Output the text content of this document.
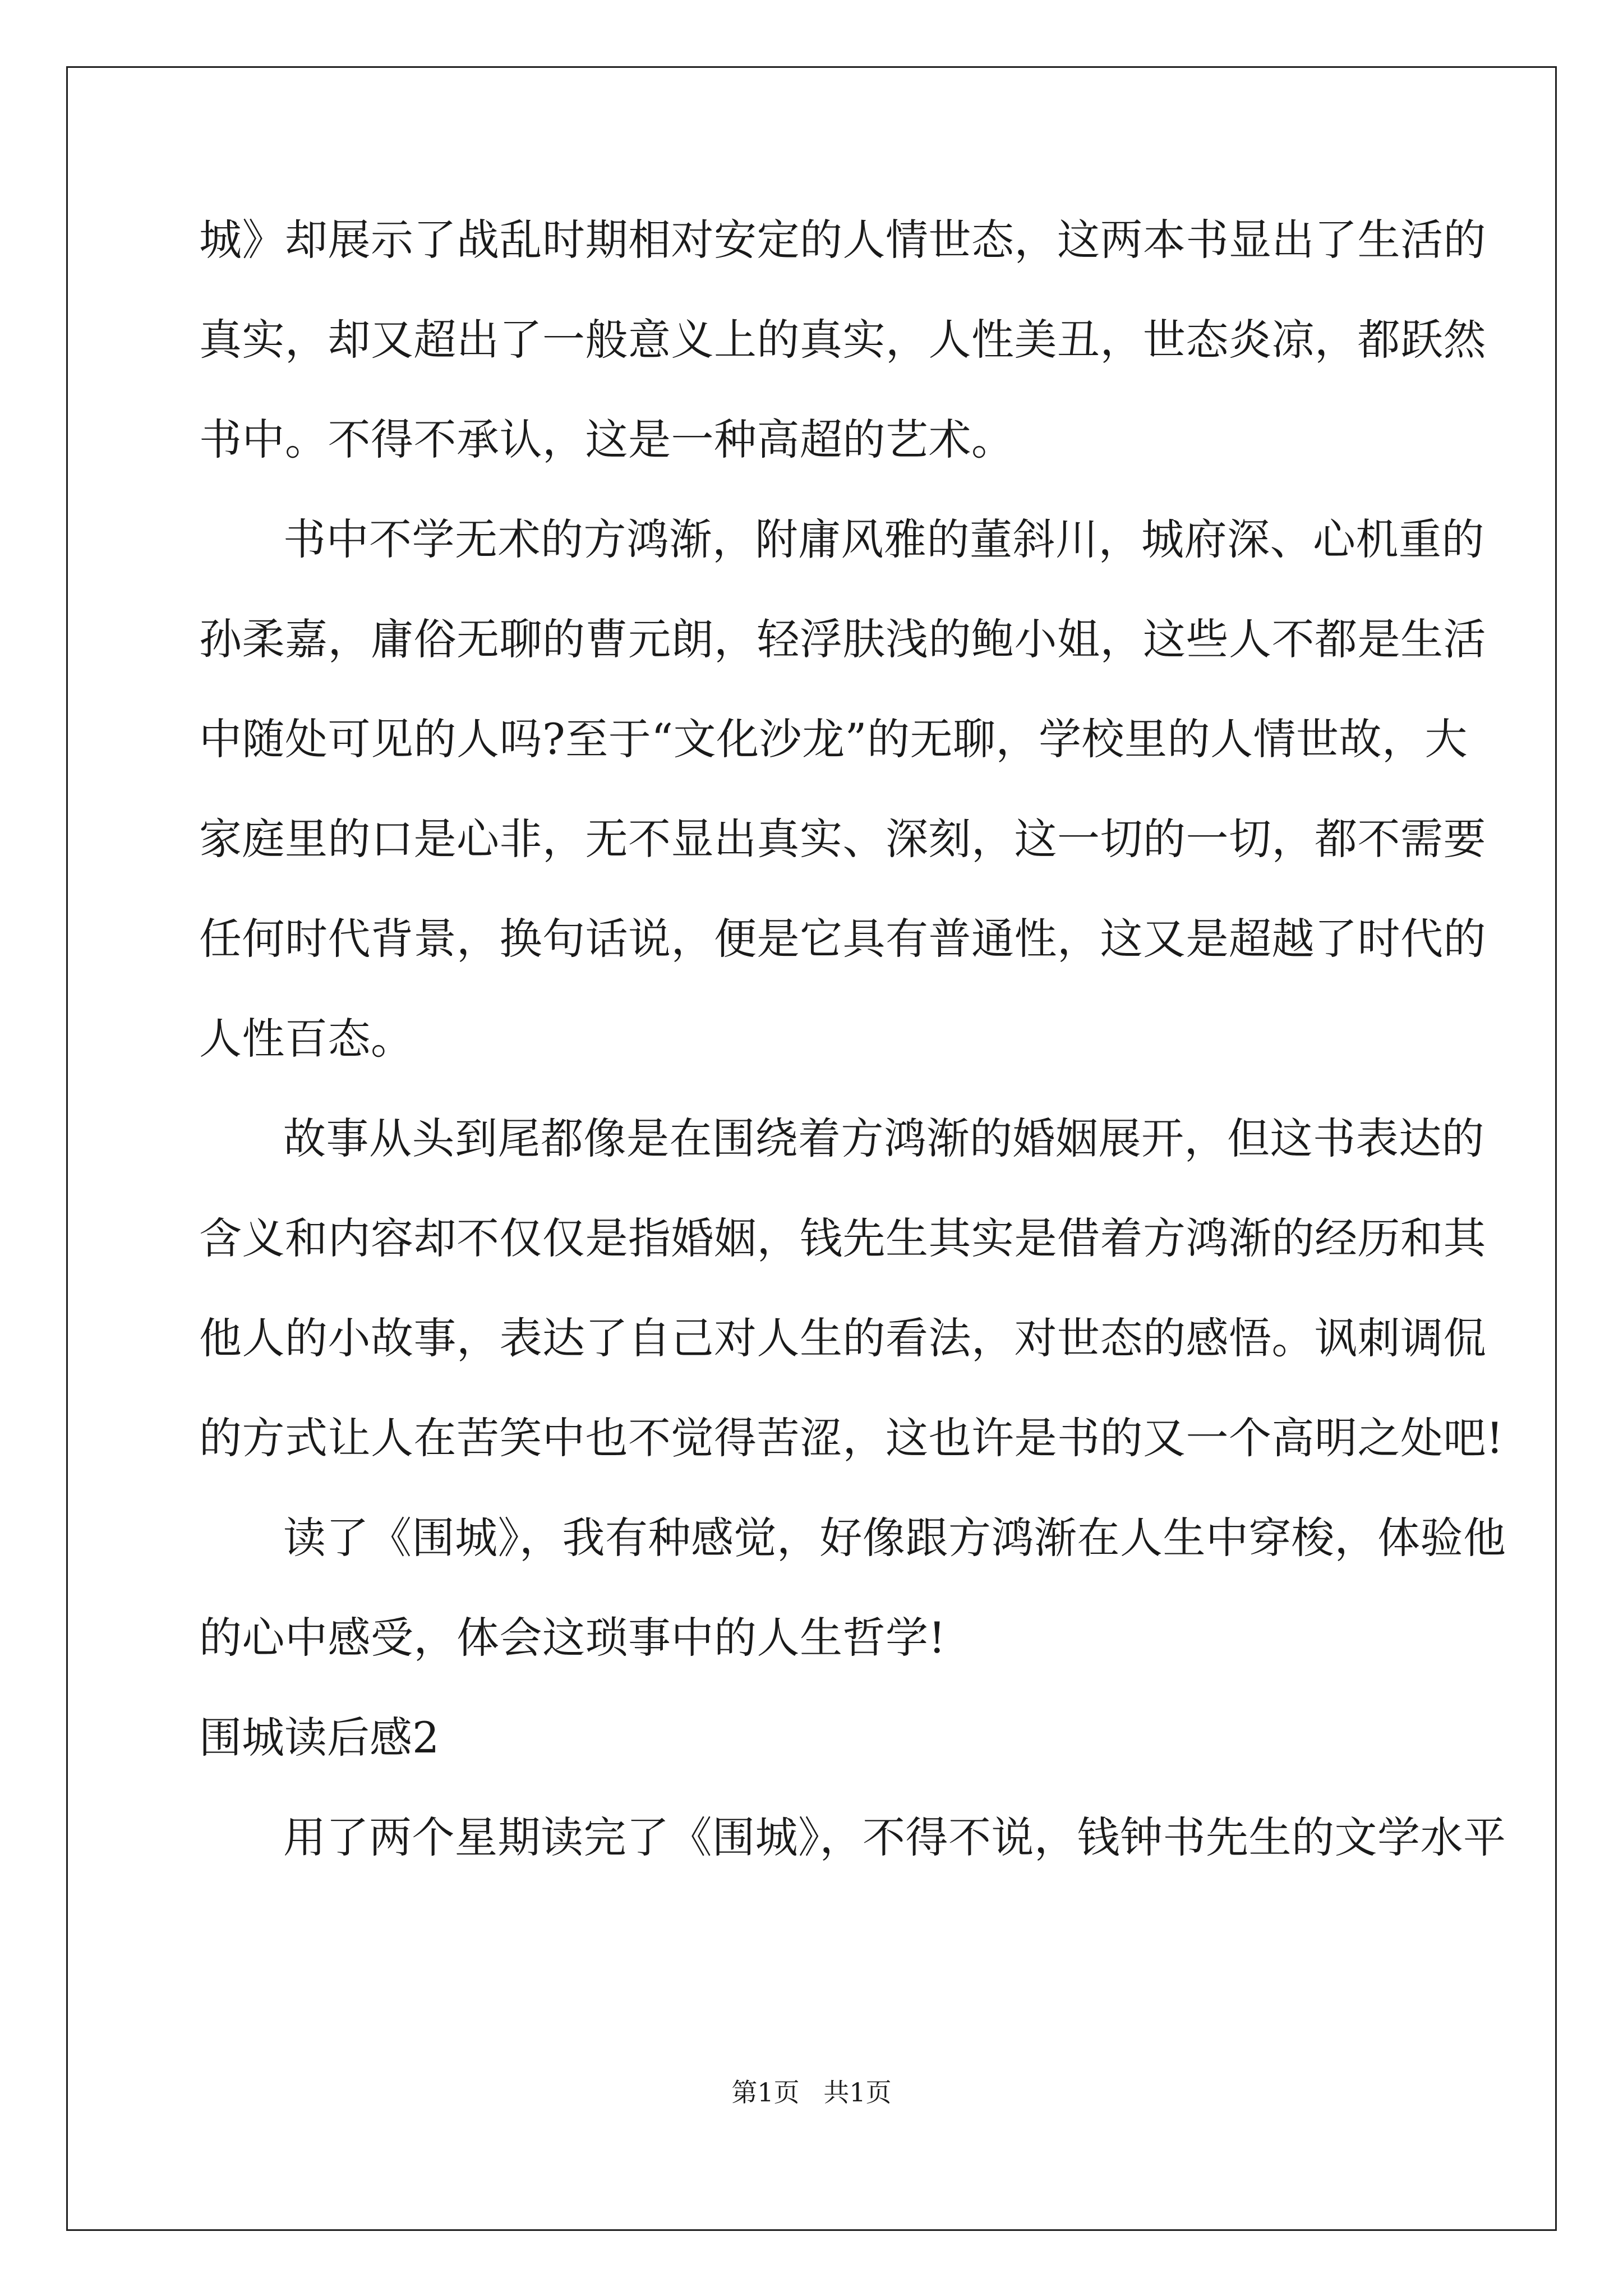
城》却展示了战乱时期相对安定的人情世态，这两本书显出了生活的
真实，却又超出了一般意义上的真实，人性美丑，世态炎凉，都跃然
书中。不得不承认，这是一种高超的艺术。
书中不学无术的方鸿渐，附庸风雅的董斜川，城府深、心机重的
孙柔嘉，庸俗无聊的曹元朗，轻浮肤浅的鲍小姐，这些人不都是生活
中随处可见的人吗?至于“文化沙龙”的无聊，学校里的人情世故，大
家庭里的口是心非，无不显出真实、深刻，这一切的一切，都不需要
任何时代背景，换句话说，便是它具有普通性，这又是超越了时代的
人性百态。
故事从头到尾都像是在围绕着方鸿渐的婚姻展开，但这书表达的
含义和内容却不仅仅是指婚姻，钱先生其实是借着方鸿渐的经历和其
他人的小故事，表达了自己对人生的看法，对世态的感悟。讽刺调侃
的方式让人在苦笑中也不觉得苦涩，这也许是书的又一个高明之处吧!
读了《围城》，我有种感觉，好像跟方鸿渐在人生中穿梭，体验他
的心中感受，体会这琐事中的人生哲学!
围城读后感2
用了两个星期读完了《围城》，不得不说，钱钟书先生的文学水平
第1页 共1页
